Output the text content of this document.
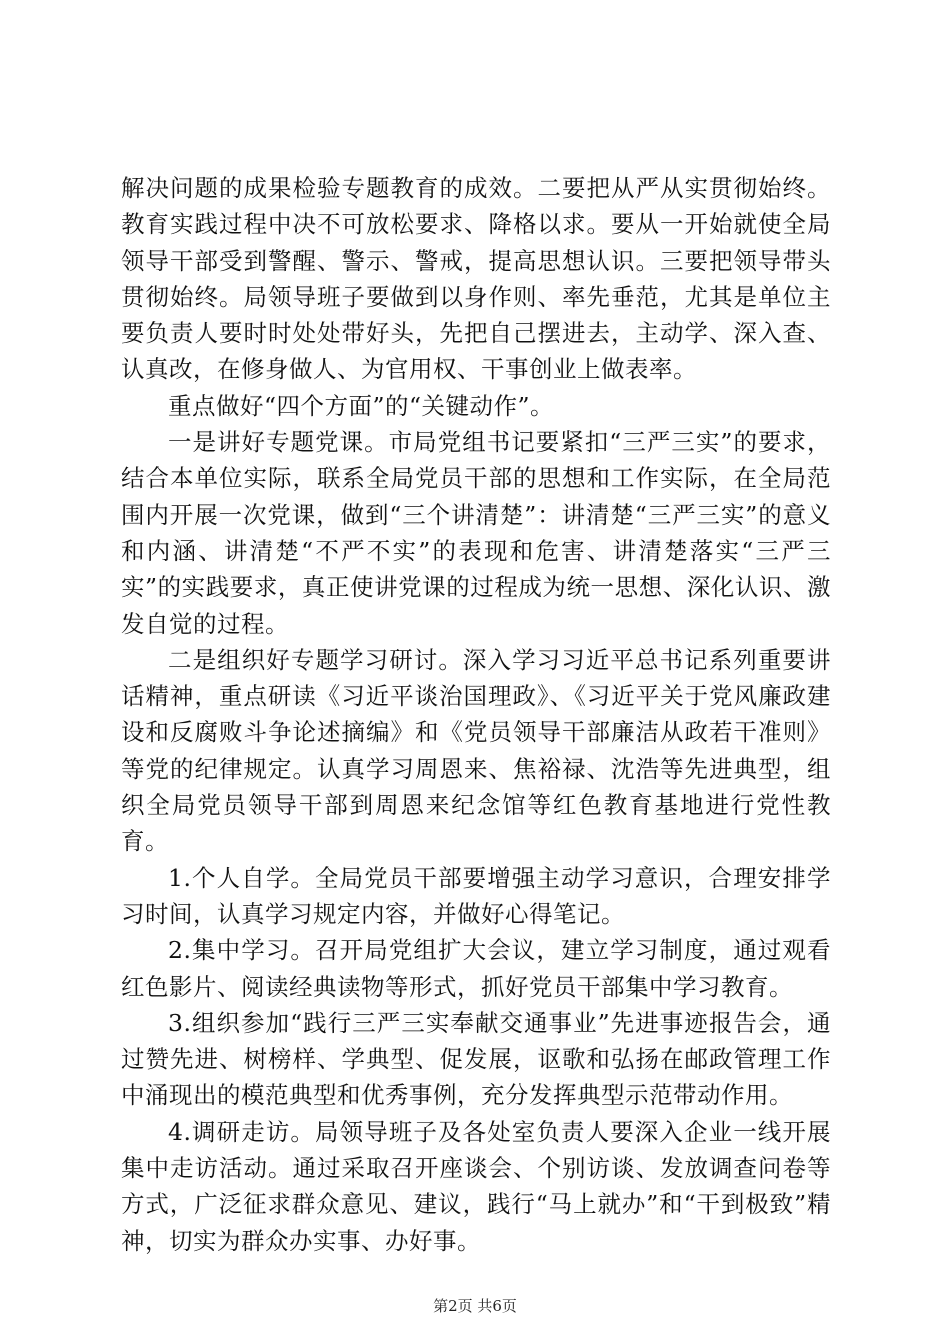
解决问题的成果检验专题教育的成效。二要把从严从实贯彻始终。教育实践过程中决不可放松要求、降格以求。要从一开始就使全局领导干部受到警醒、警示、警戒，提高思想认识。三要把领导带头贯彻始终。局领导班子要做到以身作则、率先垂范，尤其是单位主要负责人要时时处处带好头，先把自己摆进去，主动学、深入查、认真改，在修身做人、为官用权、干事创业上做表率。

重点做好“四个方面”的“关键动作”。

一是讲好专题党课。市局党组书记要紧扣“三严三实”的要求，结合本单位实际，联系全局党员干部的思想和工作实际，在全局范围内开展一次党课，做到“三个讲清楚”：讲清楚“三严三实”的意义和内涵、讲清楚“不严不实”的表现和危害、讲清楚落实“三严三实”的实践要求，真正使讲党课的过程成为统一思想、深化认识、激发自觉的过程。

二是组织好专题学习研讨。深入学习习近平总书记系列重要讲话精神，重点研读《习近平谈治国理政》、《习近平关于党风廉政建设和反腐败斗争论述摘编》和《党员领导干部廉洁从政若干准则》等党的纪律规定。认真学习周恩来、焦裕禄、沈浩等先进典型，组织全局党员领导干部到周恩来纪念馆等红色教育基地进行党性教育。

1.个人自学。全局党员干部要增强主动学习意识，合理安排学习时间，认真学习规定内容，并做好心得笔记。

2.集中学习。召开局党组扩大会议，建立学习制度，通过观看红色影片、阅读经典读物等形式，抓好党员干部集中学习教育。

3.组织参加“践行三严三实奉献交通事业”先进事迹报告会，通过赞先进、树榜样、学典型、促发展，讴歌和弘扬在邮政管理工作中涌现出的模范典型和优秀事例，充分发挥典型示范带动作用。

4.调研走访。局领导班子及各处室负责人要深入企业一线开展集中走访活动。通过采取召开座谈会、个别访谈、发放调查问卷等方式，广泛征求群众意见、建议，践行“马上就办”和“干到极致”精神，切实为群众办实事、办好事。

第2页 共6页
